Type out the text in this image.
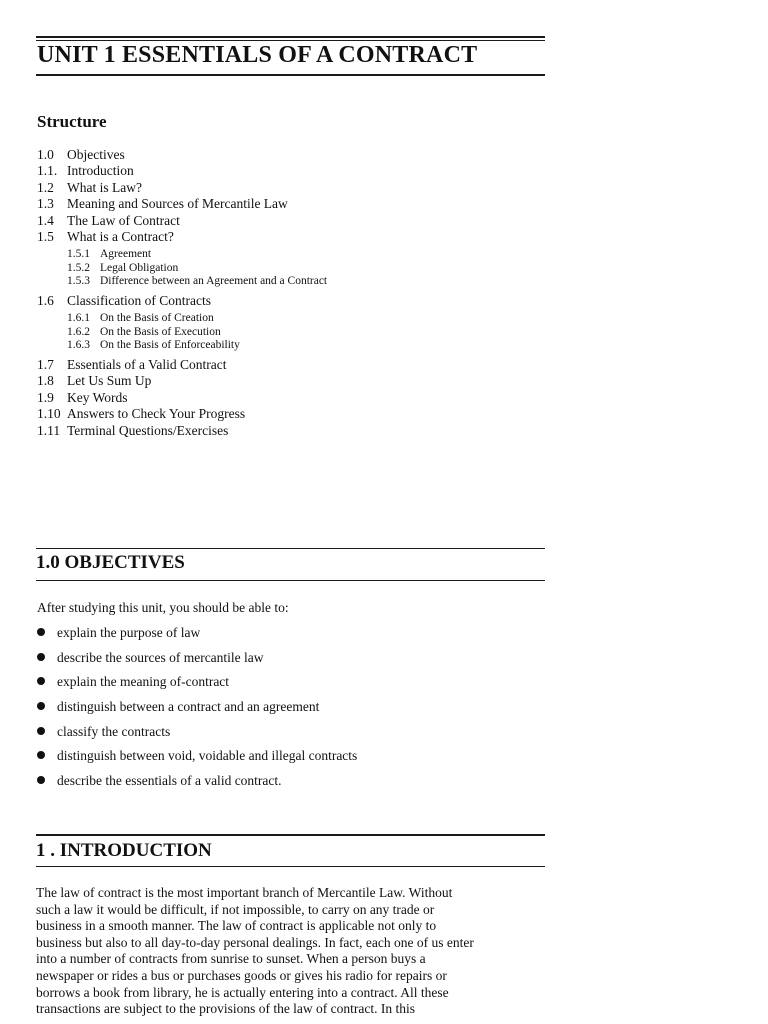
UNIT 1 ESSENTIALS OF A CONTRACT
Structure
1.0 Objectives
1.1. Introduction
1.2 What is Law?
1.3 Meaning and Sources of Mercantile Law
1.4 The Law of Contract
1.5 What is a Contract?
1.5.1 Agreement
1.5.2 Legal Obligation
1.5.3 Difference between an Agreement and a Contract
1.6 Classification of Contracts
1.6.1 On the Basis of Creation
1.6.2 On the Basis of Execution
1.6.3 On the Basis of Enforceability
1.7 Essentials of a Valid Contract
1.8 Let Us Sum Up
1.9 Key Words
1.10 Answers to Check Your Progress
1.11 Terminal Questions/Exercises
1.0 OBJECTIVES
After studying this unit, you should be able to:
explain the purpose of law
describe the sources of mercantile law
explain the meaning of-contract
distinguish between a contract and an agreement
classify the contracts
distinguish between void, voidable and illegal contracts
describe the essentials of a valid contract.
1 . INTRODUCTION
The law of contract is the most important branch of Mercantile Law. Without
such a law it would be difficult, if not impossible, to carry on any trade or
business in a smooth manner. The law of contract is applicable not only to
business but also to all day-to-day personal dealings. In fact, each one of us enter
into a number of contracts from sunrise to sunset. When a person buys a
newspaper or rides a bus or purchases goods or gives his radio for repairs or
borrows a book from library, he is actually entering into a contract. All these
transactions are subject to the provisions of the law of contract. In this
